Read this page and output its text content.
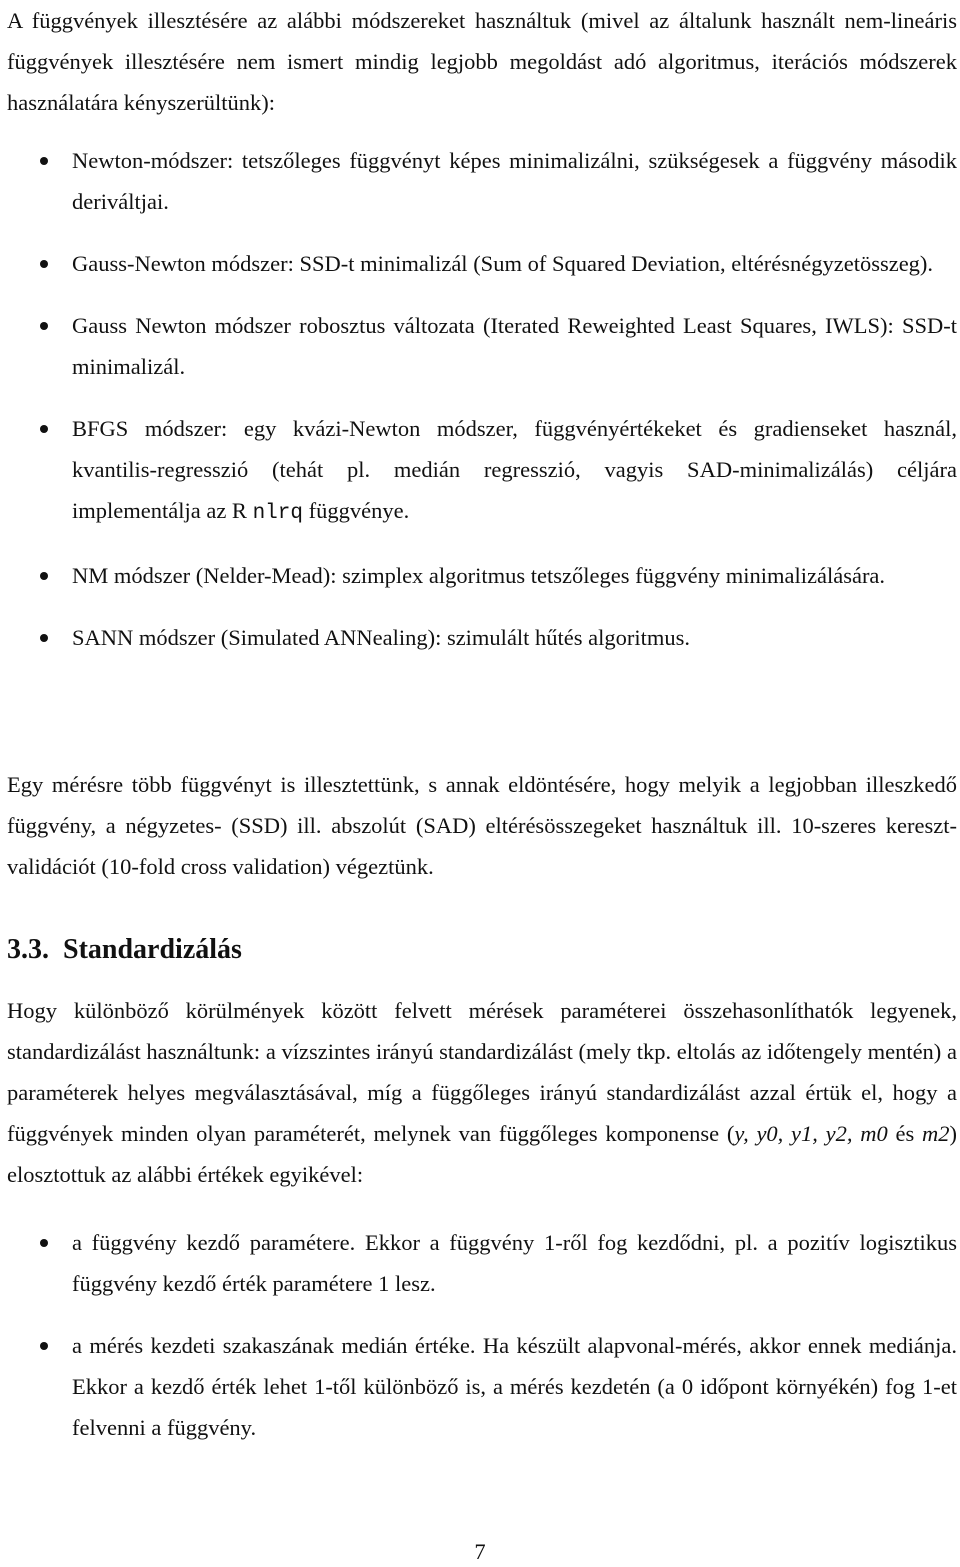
A függvények illesztésére az alábbi módszereket használtuk (mivel az általunk használt nem-lineáris függvények illesztésére nem ismert mindig legjobb megoldást adó algoritmus, iterációs módszerek használatára kényszerültünk):

Newton-módszer: tetszőleges függvényt képes minimalizálni, szükségesek a függvény második deriváltjai.
Gauss-Newton módszer: SSD-t minimalizál (Sum of Squared Deviation, eltérésnégyzetösszeg).
Gauss Newton módszer robosztus változata (Iterated Reweighted Least Squares, IWLS): SSD-t minimalizál.
BFGS módszer: egy kvázi-Newton módszer, függvényértékeket és gradienseket használ, kvantilis-regresszió (tehát pl. medián regresszió, vagyis SAD-minimalizálás) céljára implementálja az R nlrq függvénye.
NM módszer (Nelder-Mead): szimplex algoritmus tetszőleges függvény minimalizálására.
SANN módszer (Simulated ANNealing): szimulált hűtés algoritmus.

Egy mérésre több függvényt is illesztettünk, s annak eldöntésére, hogy melyik a legjobban illeszkedő függvény, a négyzetes- (SSD) ill. abszolút (SAD) eltérésösszegeket használtuk ill. 10-szeres kereszt-validációt (10-fold cross validation) végeztünk.

3.3. Standardizálás

Hogy különböző körülmények között felvett mérések paraméterei összehasonlíthatók legyenek, standardizálást használtunk: a vízszintes irányú standardizálást (mely tkp. eltolás az időtengely mentén) a paraméterek helyes megválasztásával, míg a függőleges irányú standardizálást azzal értük el, hogy a függvények minden olyan paraméterét, melynek van függőleges komponense (y, y0, y1, y2, m0 és m2) elosztottuk az alábbi értékek egyikével:

a függvény kezdő paramétere. Ekkor a függvény 1-ről fog kezdődni, pl. a pozitív logisztikus függvény kezdő érték paramétere 1 lesz.
a mérés kezdeti szakaszának medián értéke. Ha készült alapvonal-mérés, akkor ennek mediánja. Ekkor a kezdő érték lehet 1-től különböző is, a mérés kezdetén (a 0 időpont környékén) fog 1-et felvenni a függvény.
7
